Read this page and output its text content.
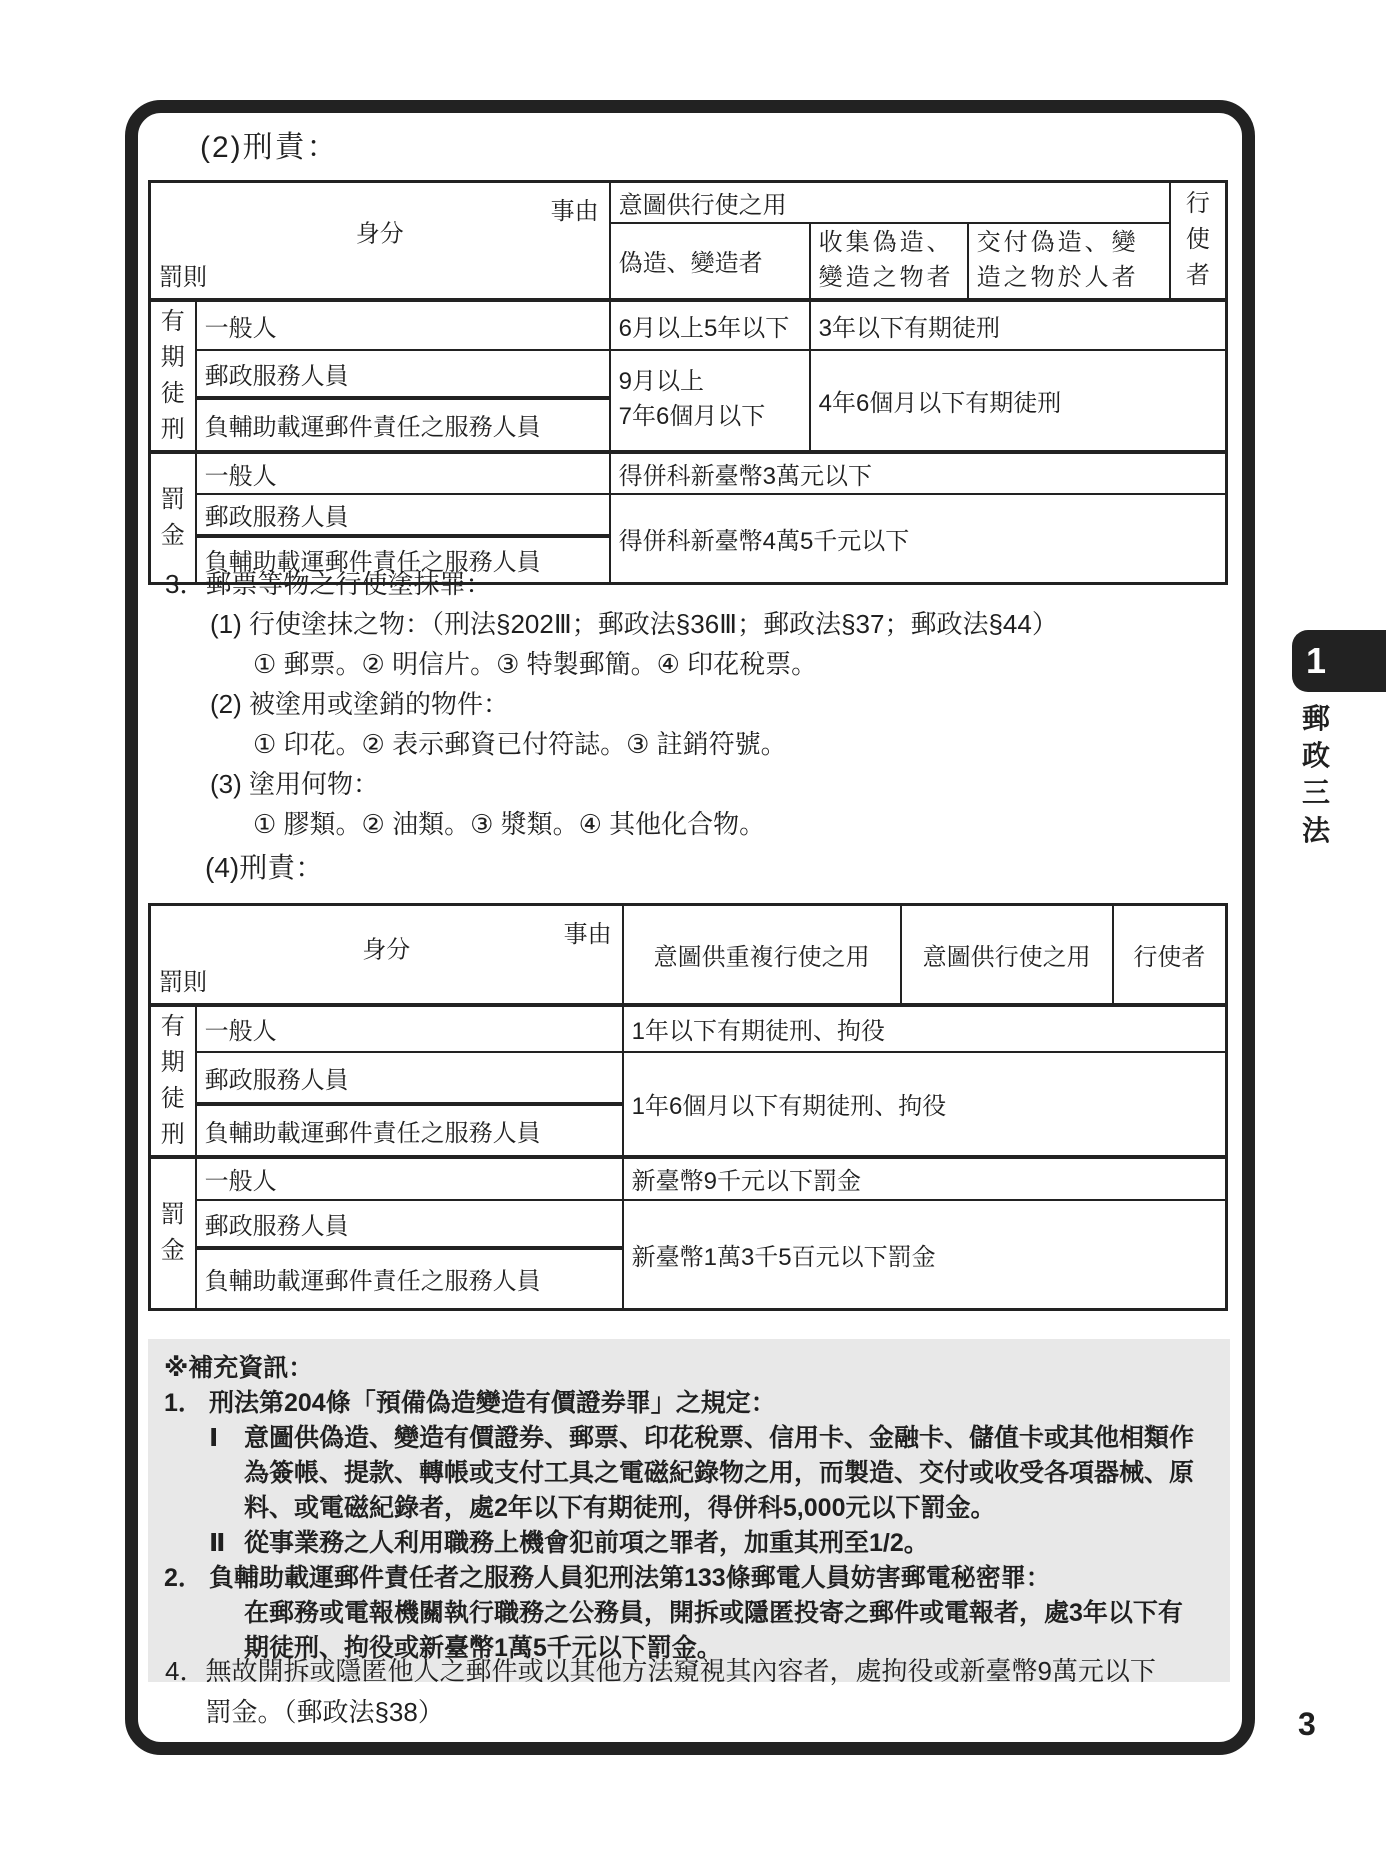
(2)刑責：
事由
身分
罰則		意圖供行使之用			行使者

		偽造、變造者	收集偽造、變造之物者	交付偽造、變造之物於人者	

有期徒刑	一般人	6月以上5年以下	3年以下有期徒刑		
	郵政服務人員	9月以上
7年6個月以下	4年6個月以下有期徒刑		
	負輔助載運郵件責任之服務人員				

罰金	一般人	得併科新臺幣3萬元以下			
	郵政服務人員	得併科新臺幣4萬5千元以下			
	負輔助載運郵件責任之服務人員				
3．郵票等物之行使塗抹罪：
(1) 行使塗抹之物：（刑法§202Ⅲ；郵政法§36Ⅲ；郵政法§37；郵政法§44）
① 郵票。② 明信片。③ 特製郵簡。④ 印花稅票。
(2) 被塗用或塗銷的物件：
① 印花。② 表示郵資已付符誌。③ 註銷符號。
(3) 塗用何物：
① 膠類。② 油類。③ 漿類。④ 其他化合物。
(4)刑責：
事由
身分
罰則		意圖供重複行使之用	意圖供行使之用	行使者

有期徒刑	一般人	1年以下有期徒刑、拘役		
	郵政服務人員	1年6個月以下有期徒刑、拘役		
	負輔助載運郵件責任之服務人員			

罰金	一般人	新臺幣9千元以下罰金		
	郵政服務人員	新臺幣1萬3千5百元以下罰金		
	負輔助載運郵件責任之服務人員			
※補充資訊：
1． 刑法第204條「預備偽造變造有價證券罪」之規定：
Ⅰ	意圖供偽造、變造有價證券、郵票、印花稅票、信用卡、金融卡、儲值卡或其他相類作為簽帳、提款、轉帳或支付工具之電磁紀錄物之用，而製造、交付或收受各項器械、原料、或電磁紀錄者，處2年以下有期徒刑，得併科5,000元以下罰金。
Ⅱ 從事業務之人利用職務上機會犯前項之罪者，加重其刑至1/2。
2． 負輔助載運郵件責任者之服務人員犯刑法第133條郵電人員妨害郵電秘密罪：
在郵務或電報機關執行職務之公務員，開拆或隱匿投寄之郵件或電報者，處3年以下有期徒刑、拘役或新臺幣1萬5千元以下罰金。
4． 無故開拆或隱匿他人之郵件或以其他方法窺視其內容者，處拘役或新臺幣9萬元以下罰金。（郵政法§38）
1
郵政三法
3
